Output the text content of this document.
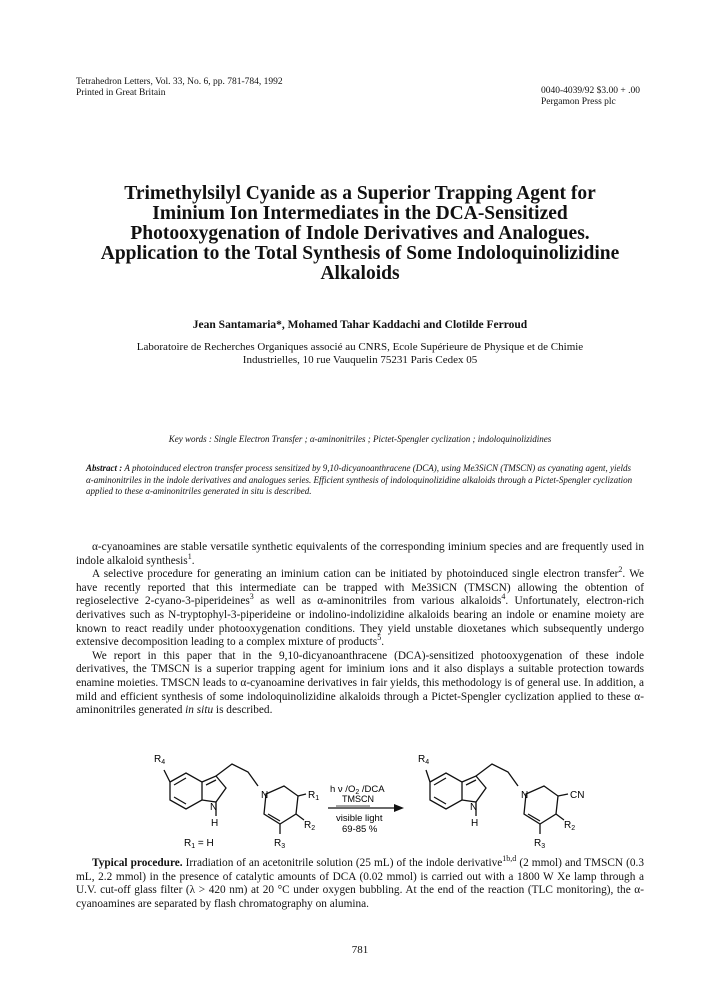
Tetrahedron Letters, Vol. 33, No. 6, pp. 781-784, 1992
Printed in Great Britain	0040-4039/92 $3.00 + .00
Pergamon Press plc
Trimethylsilyl Cyanide as a Superior Trapping Agent for
Iminium Ion Intermediates in the DCA-Sensitized
Photooxygenation of Indole Derivatives and Analogues.
Application to the Total Synthesis of Some Indoloquinolizidine
Alkaloids
Jean Santamaria*, Mohamed Tahar Kaddachi and Clotilde Ferroud
Laboratoire de Recherches Organiques associé au CNRS, Ecole Supérieure de Physique et de Chimie
Industrielles, 10 rue Vauquelin 75231 Paris Cedex 05
Key words : Single Electron Transfer ; α-aminonitriles ; Pictet-Spengler cyclization ; indoloquinolizidines
Abstract : A photoinduced electron transfer process sensitized by 9,10-dicyanoanthracene (DCA), using Me3SiCN (TMSCN) as cyanating agent, yields α-aminonitriles in the indole derivatives and analogues series. Efficient synthesis of indoloquinolizidine alkaloids through a Pictet-Spengler cyclization applied to these α-aminonitriles generated in situ is described.

α-cyanoamines are stable versatile synthetic equivalents of the corresponding iminium species and are frequently used in indole alkaloid synthesis$^1$.

A selective procedure for generating an iminium cation can be initiated by photoinduced single electron transfer$^2$. We have recently reported that this intermediate can be trapped with Me3SiCN (TMSCN) allowing the obtention of regioselective 2-cyano-3-piperideines$^3$ as well as α-aminonitriles from various alkaloids$^4$. Unfortunately, electron-rich derivatives such as N-tryptophyl-3-piperideine or indolino-indolizidine alkaloids bearing an indole or enamine moiety are known to react readily under photooxygenation conditions. They yield unstable dioxetanes which subsequently undergo extensive decomposition leading to a complex mixture of products$^5$.

We report in this paper that in the 9,10-dicyanoanthracene (DCA)-sensitized photooxygenation of these indole derivatives, the TMSCN is a superior trapping agent for iminium ions and it also displays a suitable protection towards enamine moieties. TMSCN leads to α-cyanoamine derivatives in fair yields, this methodology is of general use. In addition, a mild and efficient synthesis of some indoloquinolizidine alkaloids through a Pictet-Spengler cyclization applied to these α-aminonitriles generated in situ is described.

$R_4$
N
H
N	$R_1$
$R_2$
$R_3$
$R_1 = H$
h ν $/O_2$ /DCA
TMSCN
visible light
69-85 %
$R_4$
N
H
N	CN
$R_2$
$R_3$

Typical procedure. Irradiation of an acetonitrile solution (25 mL) of the indole derivative$^{1b,d}$ (2 mmol) and TMSCN (0.3 mL, 2.2 mmol) in the presence of catalytic amounts of DCA (0.02 mmol) is carried out with a 1800 W Xe lamp through a U.V. cut-off glass filter (λ > 420 nm) at 20 °C under oxygen bubbling. At the end of the reaction (TLC monitoring), the α-cyanoamines are separated by flash chromatography on alumina.

781
